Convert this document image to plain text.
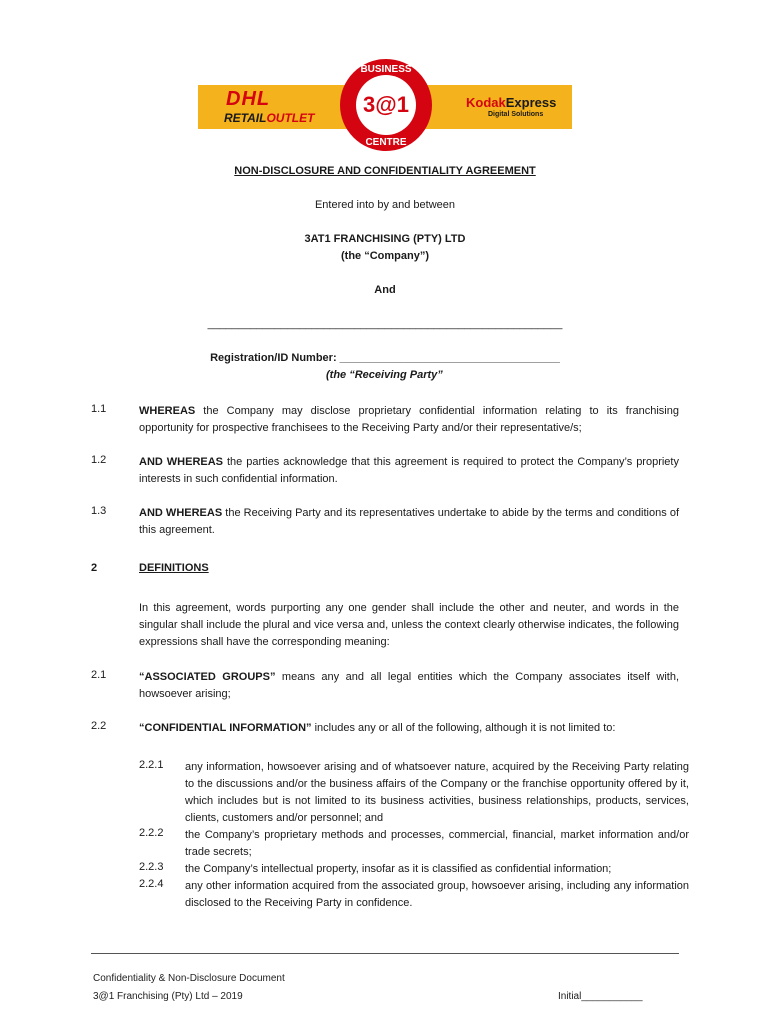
DHL
RETAILOUTLET
BUSINESS
3@1
CENTRE
KodakExpress
Digital Solutions
NON-DISCLOSURE AND CONFIDENTIALITY AGREEMENT
Entered into by and between
3AT1 FRANCHISING (PTY) LTD
(the “Company”)
And
__________________________________________________________
Registration/ID Number: ____________________________________
(the “Receiving Party”
1.1	WHEREAS the Company may disclose proprietary confidential information relating to its franchising opportunity for prospective franchisees to the Receiving Party and/or their representative/s;
1.2	AND WHEREAS the parties acknowledge that this agreement is required to protect the Company’s propriety interests in such confidential information.
1.3	AND WHEREAS the Receiving Party and its representatives undertake to abide by the terms and conditions of this agreement.
2	DEFINITIONS
In this agreement, words purporting any one gender shall include the other and neuter, and words in the singular shall include the plural and vice versa and, unless the context clearly otherwise indicates, the following expressions shall have the corresponding meaning:
2.1	“ASSOCIATED GROUPS” means any and all legal entities which the Company associates itself with, howsoever arising;
2.2	“CONFIDENTIAL INFORMATION” includes any or all of the following, although it is not limited to:
2.2.1 any information, howsoever arising and of whatsoever nature, acquired by the Receiving Party relating to the discussions and/or the business affairs of the Company or the franchise opportunity offered by it, which includes but is not limited to its business activities, business relationships, products, services, clients, customers and/or personnel; and
2.2.2 the Company’s proprietary methods and processes, commercial, financial, market information and/or trade secrets;
2.2.3 the Company’s intellectual property, insofar as it is classified as confidential information;
2.2.4 any other information acquired from the associated group, howsoever arising, including any information disclosed to the Receiving Party in confidence.
Confidentiality & Non-Disclosure Document
3@1 Franchising (Pty) Ltd – 2019	Initial___________
